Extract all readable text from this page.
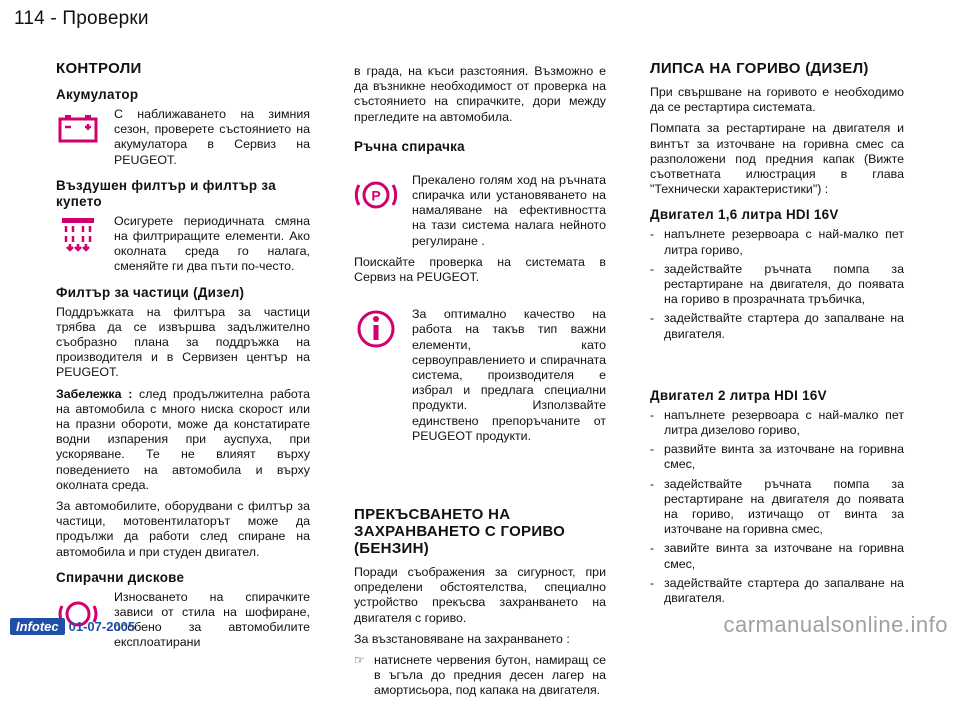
114 - Проверки
КОНТРОЛИ
Акумулатор
С наближаването на зимния сезон, проверете състоянието на акумулатора в Сервиз на PEUGEOT.
Въздушен филтър и филтър за купето
Осигурете периодичната смяна на филтриращите елементи. Ако околната среда го налага, сменяйте ги два пъти по-често.
Филтър за частици (Дизел)

Поддръжката на филтъра за частици трябва да се извършва задължително съобразно плана за поддръжка на производителя и в Сервизен център на PEUGEOT.

Забележка : след продължителна работа на автомобила с много ниска скорост или на празни обороти, може да констатирате водни изпарения при ауспуха, при ускоряване. Те не влияят върху поведението на автомобила и върху околната среда.

За автомобилите, оборудвани с филтър за частици, мотовентилаторът може да продължи да работи след спиране на автомобила и при студен двигател.

Спирачни дискове
Износването на спирачките зависи от стила на шофиране, особено за автомобилите експлоатирани

в града, на къси разстояния. Възможно е да възникне необходимост от проверка на състоянието на спирачките, дори между прегледите на автомобила.

Ръчна спирачка
P
Прекалено голям ход на ръчната спирачка или установяването на намаляване на ефективността на тази система налага нейното регулиране .

Поискайте проверка на системата в Сервиз на PEUGEOT.

За оптимално качество на работа на такъв тип важни елементи, като сервоуправлението и спирачната система, производителя е избрал и предлага специални продукти. Използвайте единствено препоръчаните от PEUGEOT продукти.
ПРЕКЪСВАНЕТО НА ЗАХРАНВАНЕТО С ГОРИВО (БЕНЗИН)

Поради съображения за сигурност, при определени обстоятелства, специално устройство прекъсва захранването на двигателя с гориво.

За възстановяване на захранването :

☞ натиснете червения бутон, намиращ се в ъгъла до предния десен лагер на амортисьора, под капака на двигателя.
ЛИПСА НА ГОРИВО (ДИЗЕЛ)

При свършване на горивото е необходимо да се рестартира системата.

Помпата за рестартиране на двигателя и винтът за източване на горивна смес са разположени под предния капак (Вижте съответната илюстрация в глава "Технически характеристики") :

Двигател 1,6 литра HDI 16V
- напълнете резервоара с най-малко пет литра гориво,
- задействайте ръчната помпа за рестартиране на двигателя, до появата на гориво в прозрачната тръбичка,
- задействайте стартера до запалване на двигателя.
Двигател 2 литра HDI 16V
- напълнете резервоара с най-малко пет литра дизелово гориво,
- развийте винта за източване на горивна смес,
- задействайте ръчната помпа за рестартиране на двигателя до появата на гориво, изтичащо от винта за източване на горивна смес,
- завийте винта за източване на горивна смес,
- задействайте стартера до запалване на двигателя.
Infotec 01-07-2005	carmanualsonline.info
